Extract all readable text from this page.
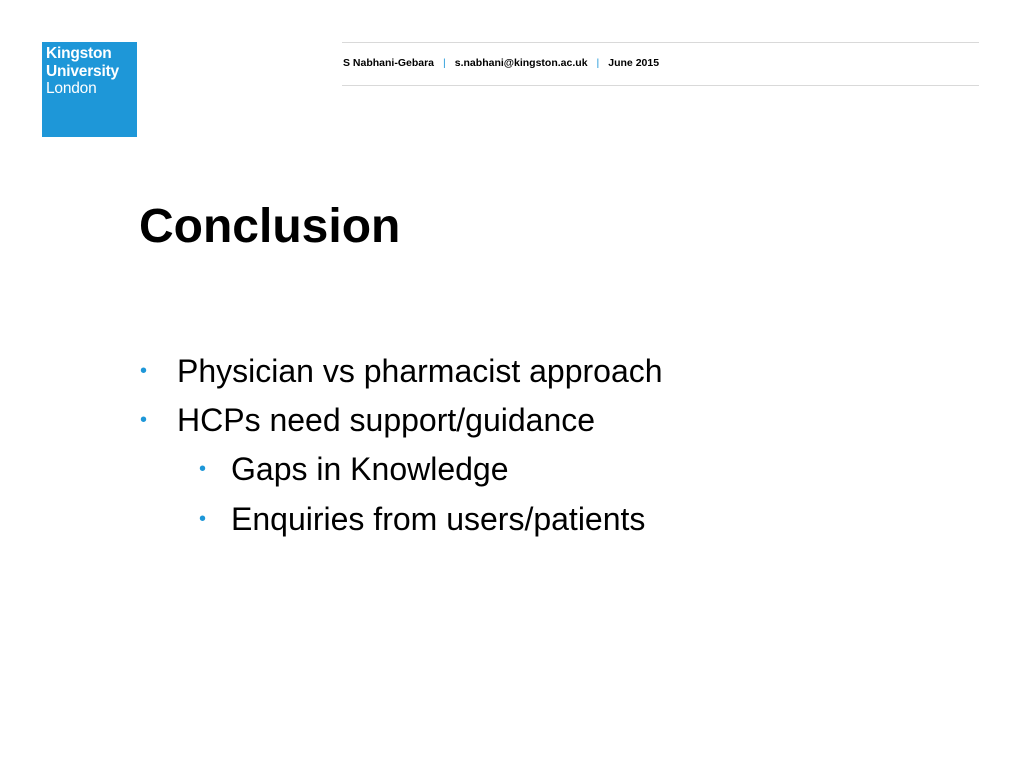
Kingston
University
London
S Nabhani-Gebara | s.nabhani@kingston.ac.uk | June 2015
Conclusion
• Physician vs pharmacist approach
• HCPs need support/guidance
• Gaps in Knowledge
• Enquiries from users/patients
